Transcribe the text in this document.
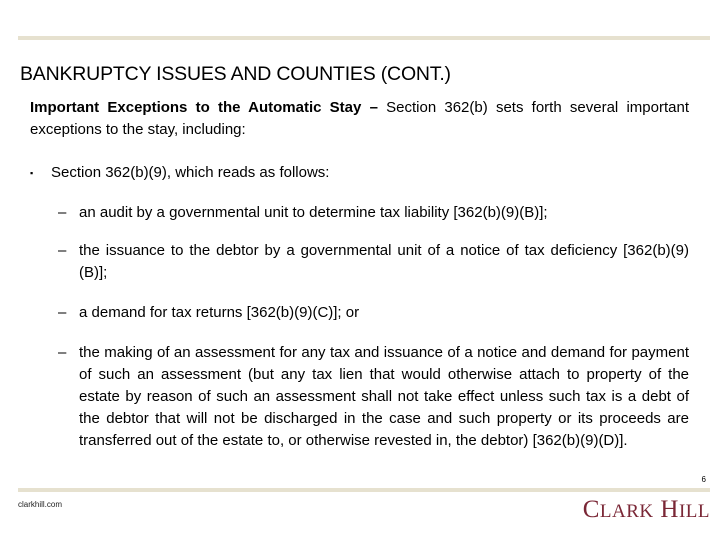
BANKRUPTCY ISSUES AND COUNTIES (CONT.)
Important Exceptions to the Automatic Stay – Section 362(b) sets forth several important exceptions to the stay, including:
▪ Section 362(b)(9), which reads as follows:
– an audit by a governmental unit to determine tax liability [362(b)(9)(B)];
– the issuance to the debtor by a governmental unit of a notice of tax deficiency [362(b)(9)(B)];
– a demand for tax returns [362(b)(9)(C)]; or
– the making of an assessment for any tax and issuance of a notice and demand for payment of such an assessment (but any tax lien that would otherwise attach to property of the estate by reason of such an assessment shall not take effect unless such tax is a debt of the debtor that will not be discharged in the case and such property or its proceeds are transferred out of the estate to, or otherwise revested in, the debtor) [362(b)(9)(D)].
6
clarkhill.com	CLARK HILL
